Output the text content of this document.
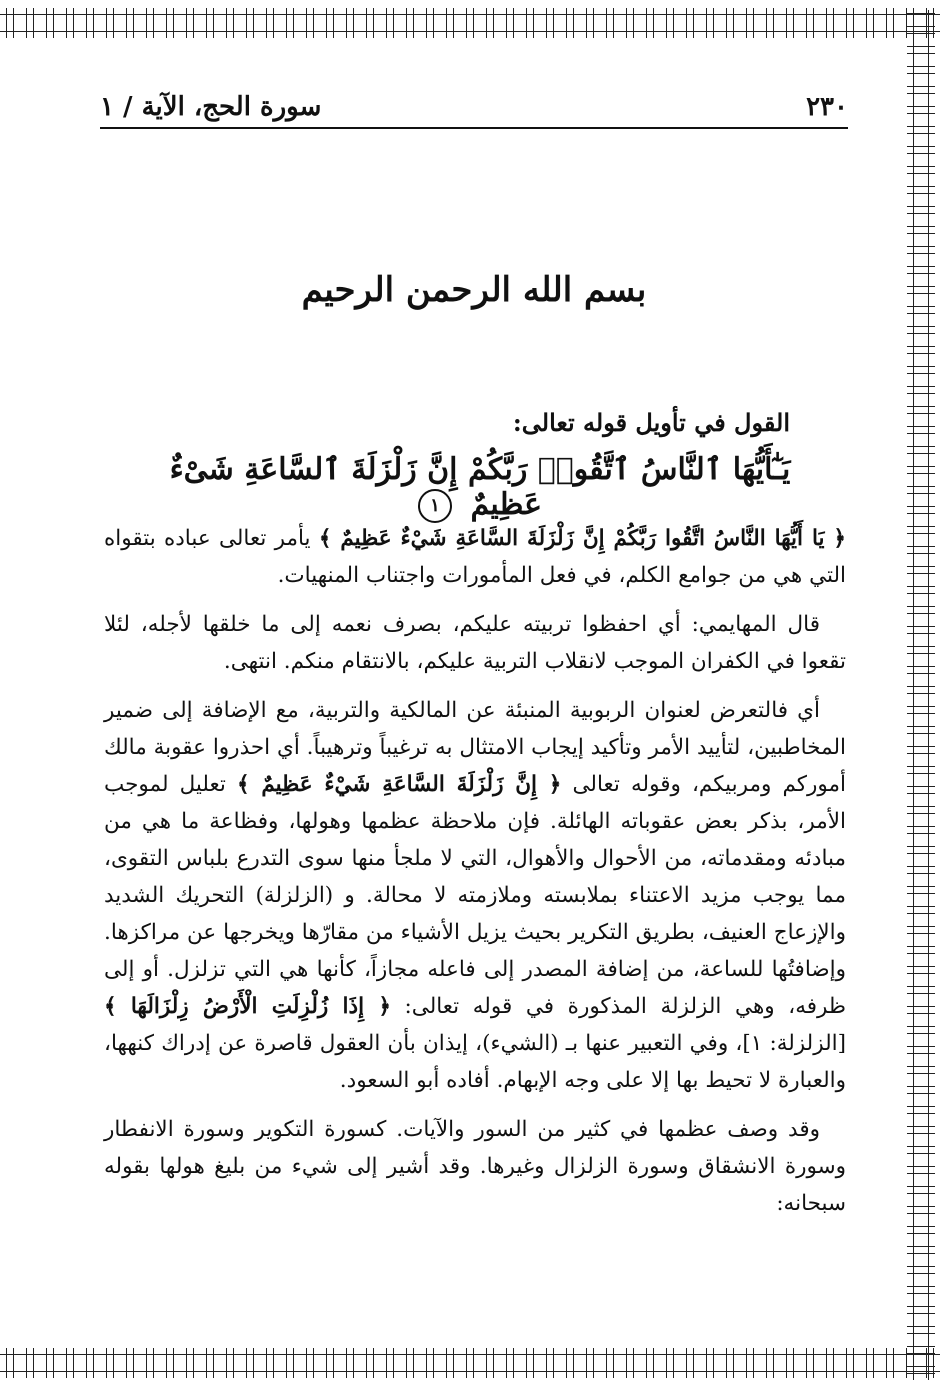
٢٣٠
سورة الحج، الآية / ١
بسم الله الرحمن الرحيم
القول في تأويل قوله تعالى:
يَـٰٓأَيُّهَا ٱلنَّاسُ ٱتَّقُوا۟ رَبَّكُمْ إِنَّ زَلْزَلَةَ ٱلسَّاعَةِ شَىْءٌ عَظِيمٌ ١

﴿ يَا أَيُّهَا النَّاسُ اتَّقُوا رَبَّكُمْ إِنَّ زَلْزَلَةَ السَّاعَةِ شَيْءٌ عَظِيمٌ ﴾ يأمر تعالى عباده بتقواه التي هي من جوامع الكلم، في فعل المأمورات واجتناب المنهيات.

قال المهايمي: أي احفظوا تربيته عليكم، بصرف نعمه إلى ما خلقها لأجله، لئلا تقعوا في الكفران الموجب لانقلاب التربية عليكم، بالانتقام منكم. انتهى.

أي فالتعرض لعنوان الربوبية المنبئة عن المالكية والتربية، مع الإضافة إلى ضمير المخاطبين، لتأييد الأمر وتأكيد إيجاب الامتثال به ترغيباً وترهيباً. أي احذروا عقوبة مالك أموركم ومربيكم، وقوله تعالى ﴿ إِنَّ زَلْزَلَةَ السَّاعَةِ شَيْءٌ عَظِيمٌ ﴾ تعليل لموجب الأمر، بذكر بعض عقوباته الهائلة. فإن ملاحظة عظمها وهولها، وفظاعة ما هي من مبادئه ومقدماته، من الأحوال والأهوال، التي لا ملجأ منها سوى التدرع بلباس التقوى، مما يوجب مزيد الاعتناء بملابسته وملازمته لا محالة. و (الزلزلة) التحريك الشديد والإزعاج العنيف، بطريق التكرير بحيث يزيل الأشياء من مقارّها ويخرجها عن مراكزها. وإضافتُها للساعة، من إضافة المصدر إلى فاعله مجازاً، كأنها هي التي تزلزل. أو إلى ظرفه، وهي الزلزلة المذكورة في قوله تعالى: ﴿ إِذَا زُلْزِلَتِ الْأَرْضُ زِلْزَالَهَا ﴾ [الزلزلة: ١]، وفي التعبير عنها بـ (الشيء)، إيذان بأن العقول قاصرة عن إدراك كنهها، والعبارة لا تحيط بها إلا على وجه الإبهام. أفاده أبو السعود.

وقد وصف عظمها في كثير من السور والآيات. كسورة التكوير وسورة الانفطار وسورة الانشقاق وسورة الزلزال وغيرها. وقد أشير إلى شيء من بليغ هولها بقوله سبحانه:
